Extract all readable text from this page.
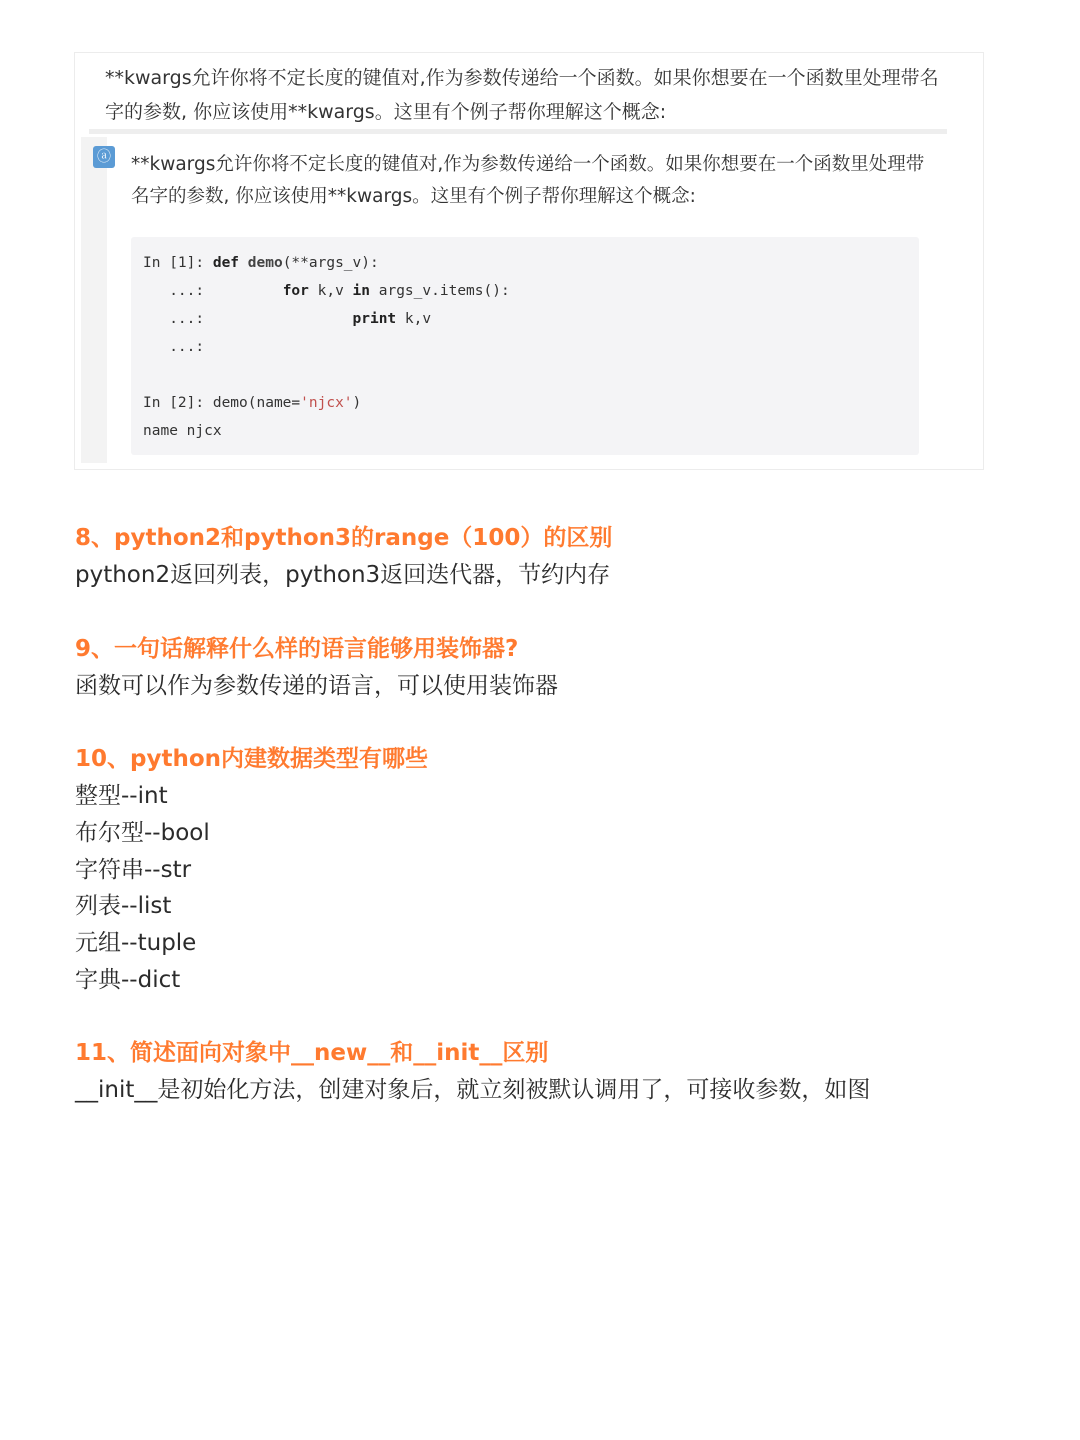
**kwargs允许你将不定长度的键值对,作为参数传递给一个函数。如果你想要在一个函数里处理带名字的参数, 你应该使用**kwargs。这里有个例子帮你理解这个概念:
ⓐ **kwargs允许你将不定长度的键值对,作为参数传递给一个函数。如果你想要在一个函数里处理带名字的参数, 你应该使用**kwargs。这里有个例子帮你理解这个概念:
In [1]: def demo(**args_v):
...:         for k,v in args_v.items():
...:                 print k,v
...:
In [2]: demo(name='njcx')
name njcx
8、python2和python3的range（100）的区别
python2返回列表，python3返回迭代器，节约内存
9、一句话解释什么样的语言能够用装饰器?
函数可以作为参数传递的语言，可以使用装饰器
10、python内建数据类型有哪些
整型--int
布尔型--bool
字符串--str
列表--list
元组--tuple
字典--dict
11、简述面向对象中__new__和__init__区别
__init__是初始化方法，创建对象后，就立刻被默认调用了，可接收参数，如图
